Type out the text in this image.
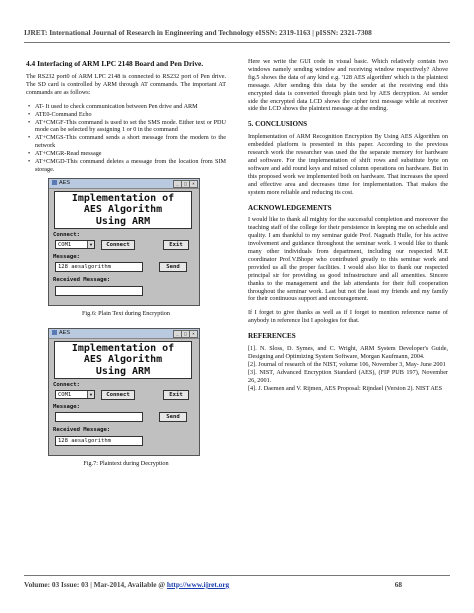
IJRET: International Journal of Research in Engineering and Technology eISSN: 2319-1163 | pISSN: 2321-7308
4.4 Interfacing of ARM LPC 2148 Board and Pen Drive.

The RS232 port0 of ARM LPC 2148 is connected to RS232 port of Pen drive. The SD card is controlled by ARM through AT commands. The important AT commands are as follows:

• AT- It used to check communication between Pen drive and ARM
• ATE0-Command Echo
• AT+CMGF-This command is used to set the SMS mode. Either text or PDU mode can be selected by assigning 1 or 0 in the command
• AT+CMGS-This command sends a short message from the modem to the network
• AT+CMGR-Read message
• AT+CMGD-This command deletes a message from the location from SIM storage.
AES	_	□	×
Implementation of
AES Algorithm
Using ARM
Connect:
COM1	▼	Connect	Exit
Message:
128 aesalgorithm	Send
Received Message:
Fig.6: Plain Text during Encryption
AES	_	□	×
Implementation of
AES Algorithm
Using ARM
Connect:
COM1	▼	Connect	Exit
Message:
Send
Received Message:
128 aesalgorithm
Fig.7: Plaintext during Decryption

Here we write the GUI code in visual basic. Which relatively contain two windows namely sending window and receiving window respectively? Above fig.5 shows the data of any kind e.g. '128 AES algorithm' which is the plaintext message. After sending this data by the sender at the receiving end this encrypted data is converted through plain text by AES decryption. At sender side the encrypted data LCD shows the cipher text message while at receiver side the LCD shows the plaintext message at the ending.

5. CONCLUSIONS

Implementation of ARM Recognition Encryption By Using AES Algorithm on embedded platform is presented in this paper. According to the previous research work the researcher was used the the separate memory for hardware and software. For the implementation of shift rows and substitute byte on software and add round keys and mixed column operations on hardware. But in this proposed work we implemented both on hardware. That increases the speed and effective area and decreases time for implementation. That makes the system more reliable and reducing its cost.

ACKNOWLEDGEMENTS

I would like to thank all mighty for the successful completion and moreover the teaching staff of the college for their persistence in keeping me on schedule and quality. I am thankful to my seminar guide Prof. Nagnath Hulle, for his active involvement and guidance throughout the seminar work. I would like to thank many other individuals from department, including our respected M.E coordinator Prof.V.Bhope who contributed greatly to this seminar work and provided us all the proper facilities. I would also like to thank our respected principal sir for providing us good infrastructure and all amenities. Sincere thanks to the management and the lab attendants for their full cooperation throughout the seminar work. Last but not the least my friends and my family for their continuous support and encouragement.

If I forget to give thanks as well as if I forget to mention reference name of anybody in reference list I apologies for that.

REFERENCES

[1]. N. Sloss, D. Symes, and C. Wright, ARM System Developer's Guide, Designing and Optimizing System Software, Morgan Kaufmann, 2004.

[2]. Journal of research of the NIST, volume 106, November 3, May- June 2001

[3]. NIST, Advanced Encryption Standard (AES), (FIP PUB 197), November 26, 2001.

[4]. J. Daemen and V. Rijmen, AES Proposal: Rijndael (Version 2). NIST AES

Volume: 03 Issue: 03 | Mar-2014, Available @ http://www.ijret.org	68
